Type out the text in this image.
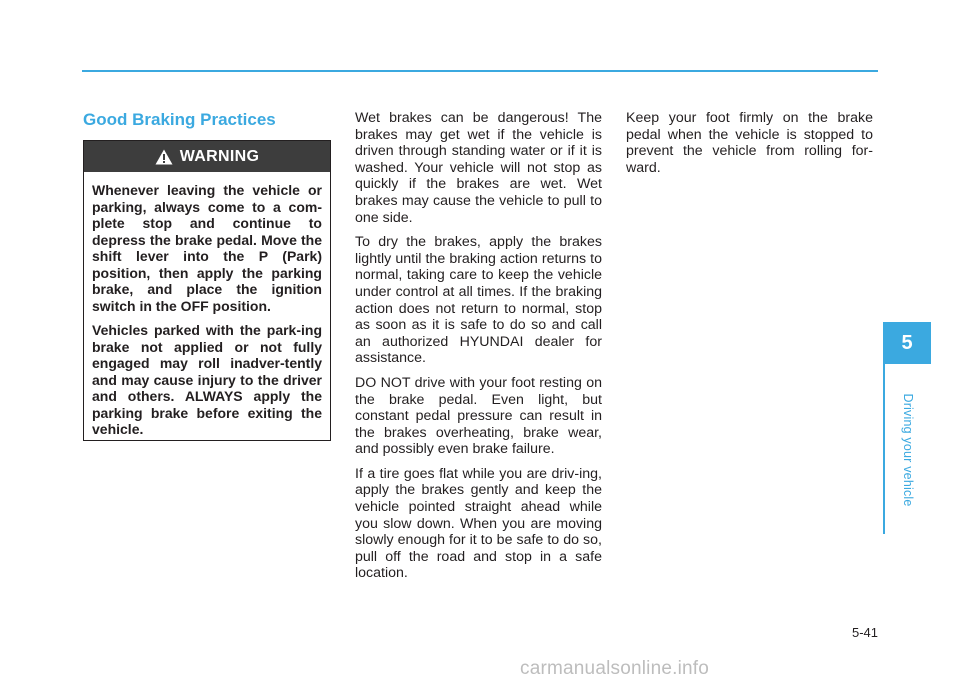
Good Braking Practices
WARNING

Whenever leaving the vehicle or parking, always come to a com-plete stop and continue to depress the brake pedal. Move the shift lever into the P (Park) position, then apply the parking brake, and place the ignition switch in the OFF position.

Vehicles parked with the park-ing brake not applied or not fully engaged may roll inadver-tently and may cause injury to the driver and others. ALWAYS apply the parking brake before exiting the vehicle.

Wet brakes can be dangerous! The brakes may get wet if the vehicle is driven through standing water or if it is washed. Your vehicle will not stop as quickly if the brakes are wet. Wet brakes may cause the vehicle to pull to one side.

To dry the brakes, apply the brakes lightly until the braking action returns to normal, taking care to keep the vehicle under control at all times. If the braking action does not return to normal, stop as soon as it is safe to do so and call an authorized HYUNDAI dealer for assistance.

DO NOT drive with your foot resting on the brake pedal. Even light, but constant pedal pressure can result in the brakes overheating, brake wear, and possibly even brake failure.

If a tire goes flat while you are driv-ing, apply the brakes gently and keep the vehicle pointed straight ahead while you slow down. When you are moving slowly enough for it to be safe to do so, pull off the road and stop in a safe location.

Keep your foot firmly on the brake pedal when the vehicle is stopped to prevent the vehicle from rolling for-ward.

5
Driving your vehicle
5-41
carmanualsonline.info
